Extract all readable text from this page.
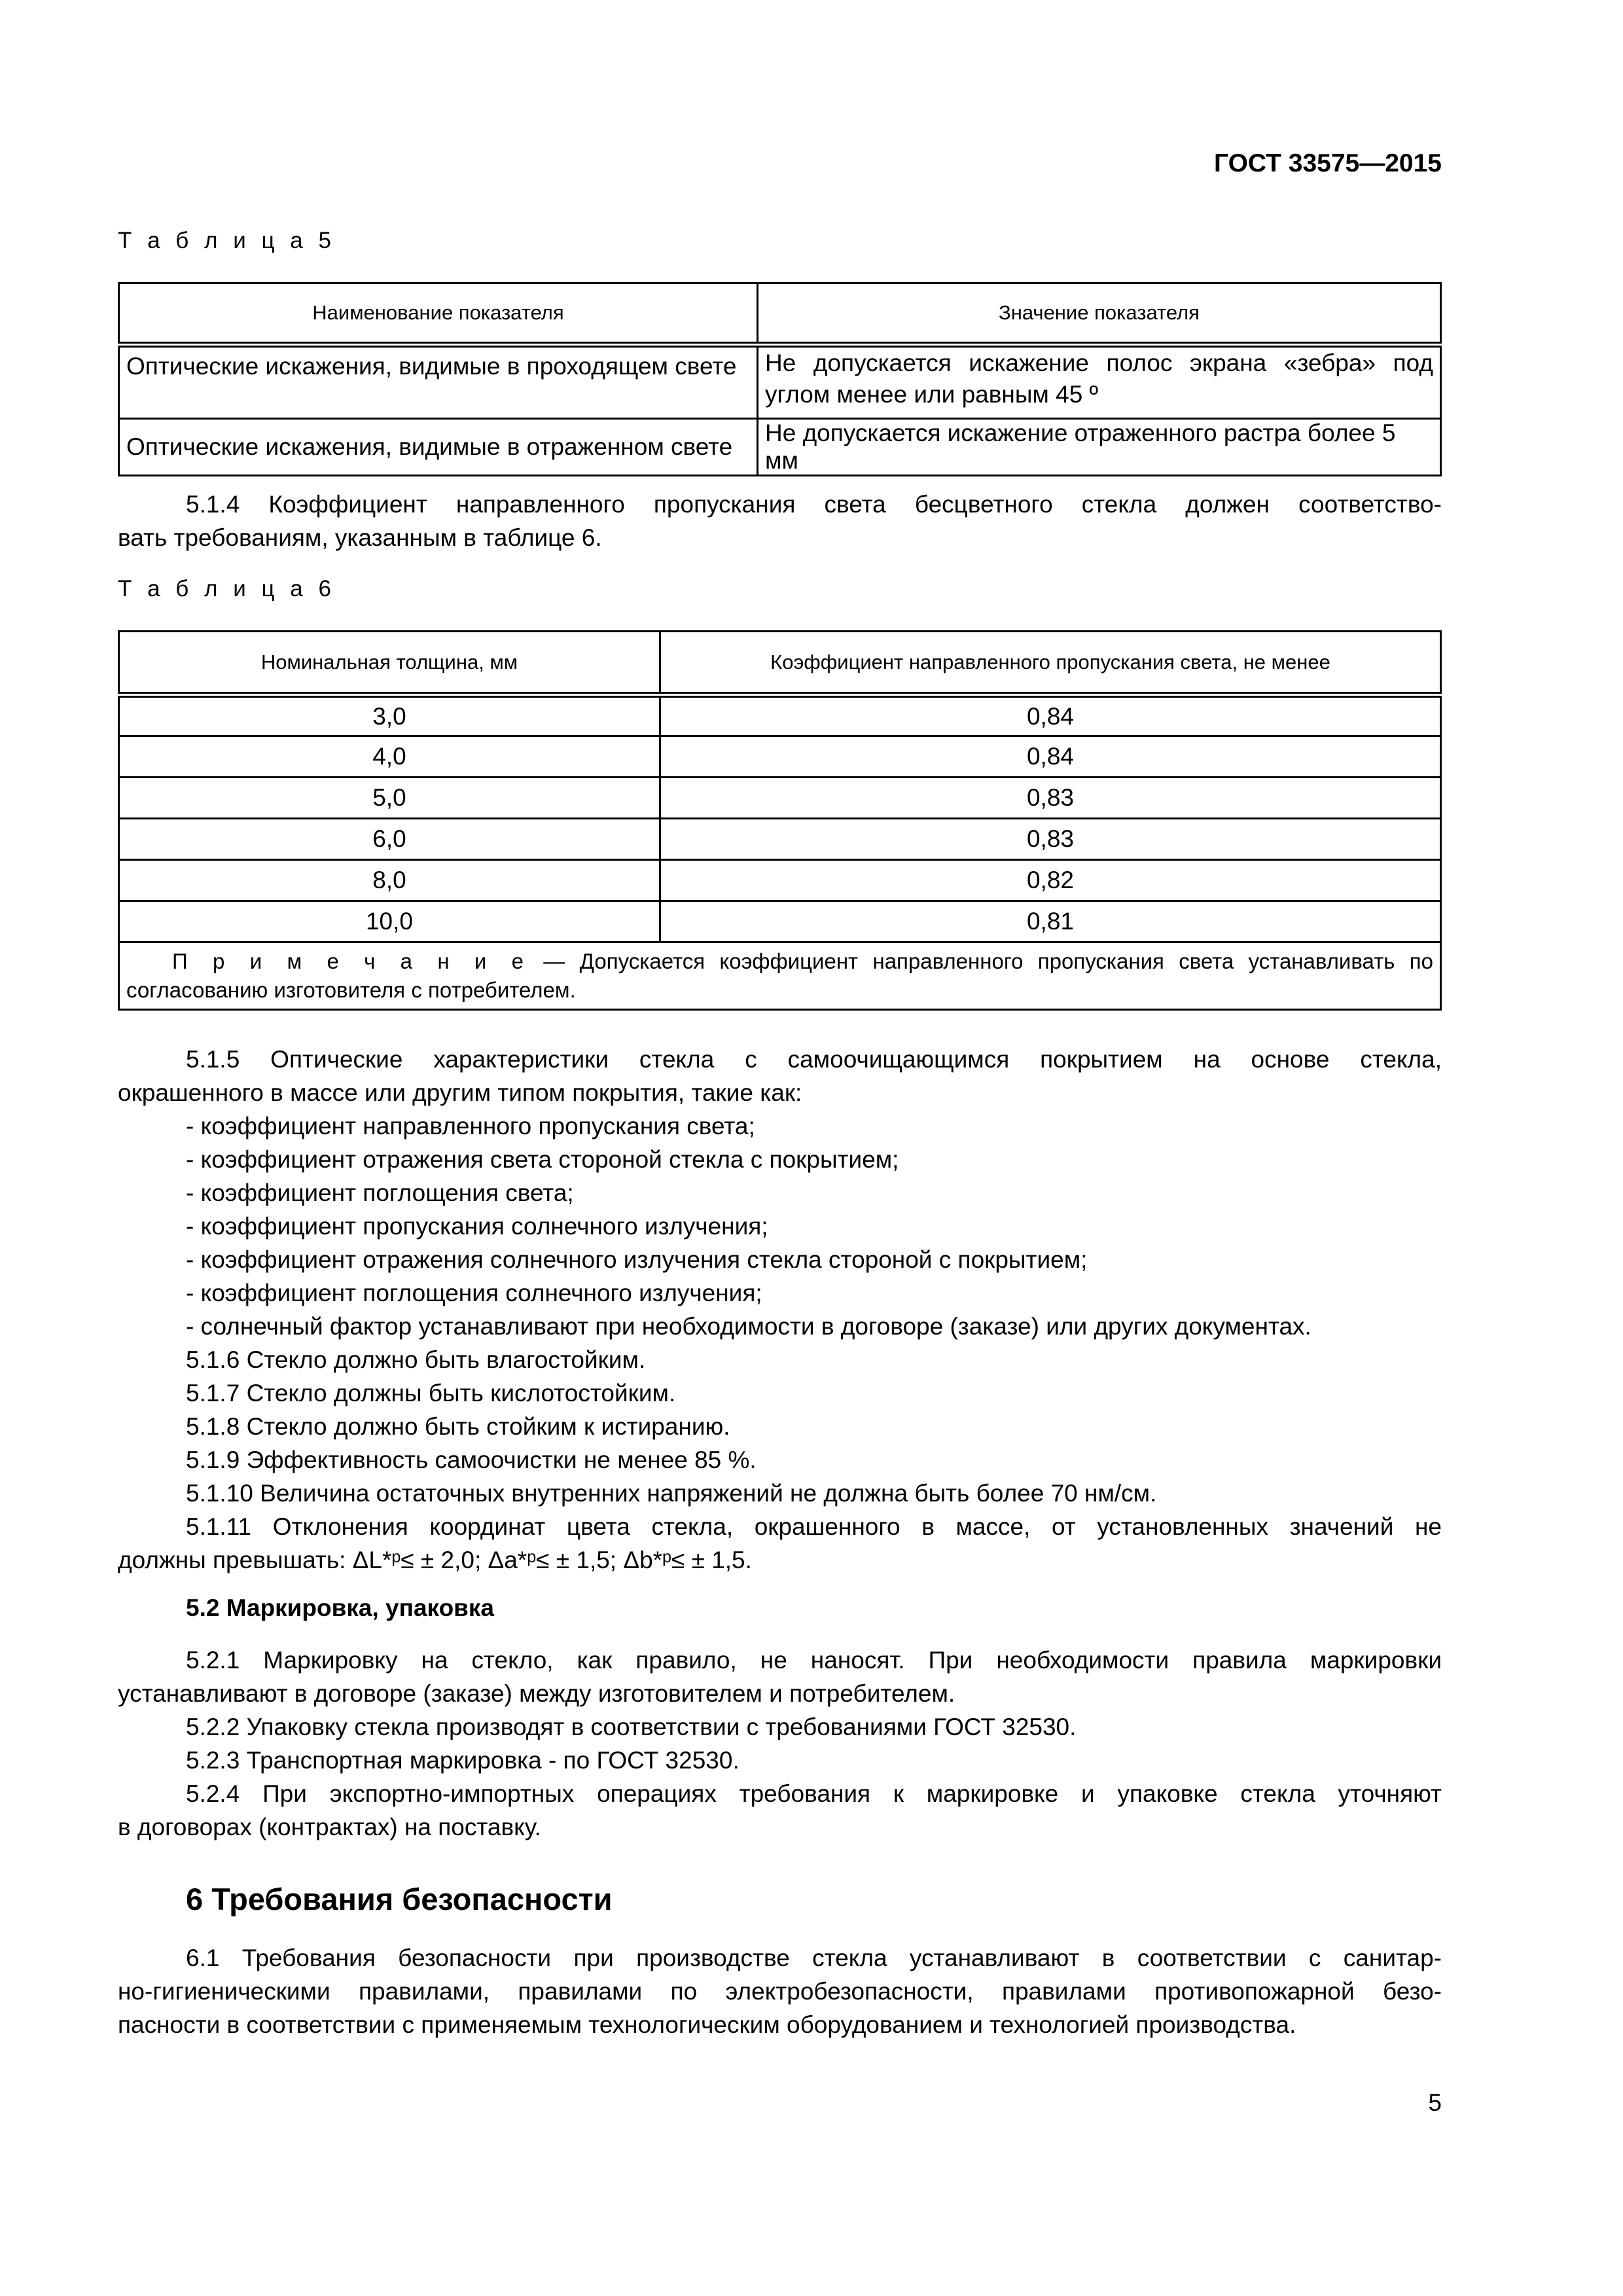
ГОСТ 33575—2015
Т а б л и ц а 5
Наименование показателя	Значение показателя
Оптические искажения, видимые в проходящем свете	Не допускается искажение полос экрана «зебра» под углом менее или равным 45 º
Оптические искажения, видимые в отраженном свете	Не допускается искажение отраженного растра более 5 мм
5.1.4 Коэффициент направленного пропускания света бесцветного стекла должен соответство-
вать требованиям, указанным в таблице 6.
Т а б л и ц а 6
Номинальная толщина, мм	Коэффициент направленного пропускания света, не менее
3,0	0,84
4,0	0,84
5,0	0,83
6,0	0,83
8,0	0,82
10,0	0,81
П р и м е ч а н и е — Допускается коэффициент направленного пропускания света устанавливать по согласованию изготовителя с потребителем.	
5.1.5 Оптические характеристики стекла с самоочищающимся покрытием на основе стекла,
окрашенного в массе или другим типом покрытия, такие как:
- коэффициент направленного пропускания света;
- коэффициент отражения света стороной стекла с покрытием;
- коэффициент поглощения света;
- коэффициент пропускания солнечного излучения;
- коэффициент отражения солнечного излучения стекла стороной с покрытием;
- коэффициент поглощения солнечного излучения;
- солнечный фактор устанавливают при необходимости в договоре (заказе) или других документах.
5.1.6 Стекло должно быть влагостойким.
5.1.7 Стекло должны быть кислотостойким.
5.1.8 Стекло должно быть стойким к истиранию.
5.1.9 Эффективность самоочистки не менее 85 %.
5.1.10 Величина остаточных внутренних напряжений не должна быть более 70 нм/см.
5.1.11 Отклонения координат цвета стекла, окрашенного в массе, от установленных значений не
должны превышать: ΔL*ᵖ≤ ± 2,0; Δa*ᵖ≤ ± 1,5; Δb*ᵖ≤ ± 1,5.
5.2 Маркировка, упаковка
5.2.1 Маркировку на стекло, как правило, не наносят. При необходимости правила маркировки
устанавливают в договоре (заказе) между изготовителем и потребителем.
5.2.2 Упаковку стекла производят в соответствии с требованиями ГОСТ 32530.
5.2.3 Транспортная маркировка - по ГОСТ 32530.
5.2.4 При экспортно-импортных операциях требования к маркировке и упаковке стекла уточняют
в договорах (контрактах) на поставку.
6 Требования безопасности
6.1 Требования безопасности при производстве стекла устанавливают в соответствии с санитар-
но-гигиеническими правилами, правилами по электробезопасности, правилами противопожарной безо-
пасности в соответствии с применяемым технологическим оборудованием и технологией производства.
5
